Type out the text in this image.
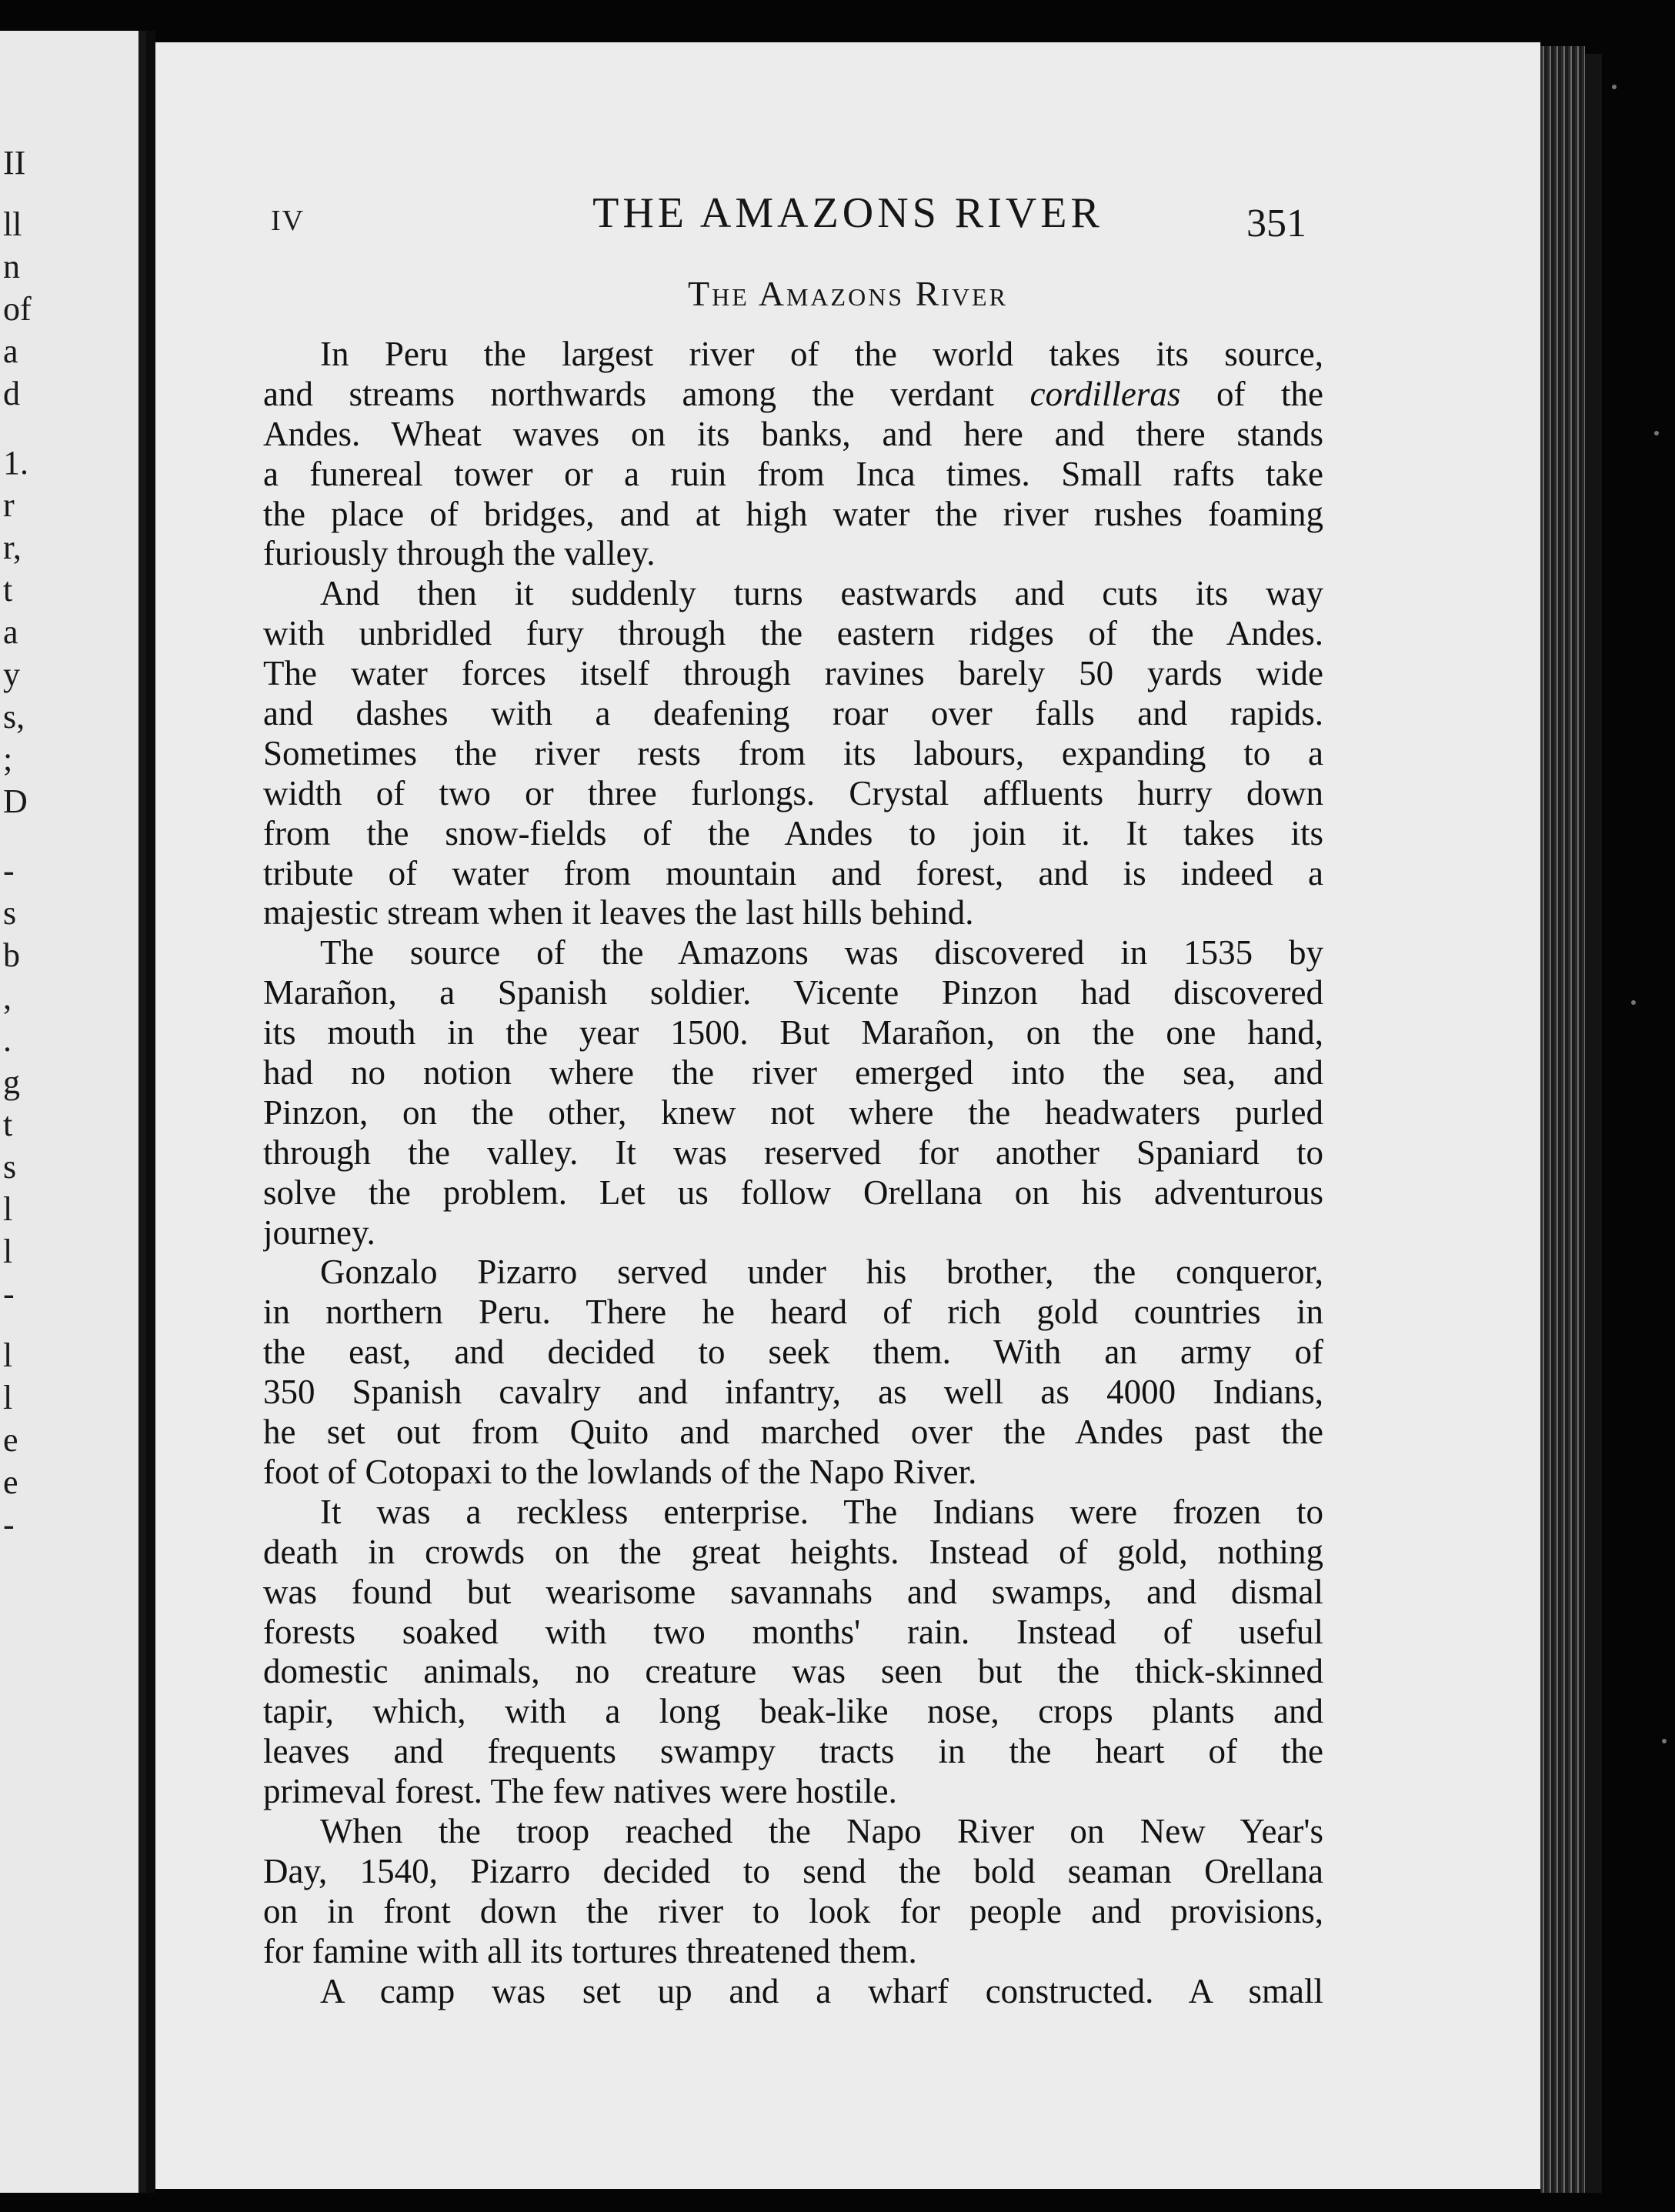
II
ll
n
of
a
d
1.
r
r,
t
a
y
s,
;
D
-
s
b
,
.
g
t
s
l
l
-
l
l
e
e
-
IV	THE AMAZONS RIVER	351
The Amazons River
In Peru the largest river of the world takes its source,
and streams northwards among the verdant cordilleras of the
Andes. Wheat waves on its banks, and here and there stands
a funereal tower or a ruin from Inca times. Small rafts take
the place of bridges, and at high water the river rushes foaming
furiously through the valley.
And then it suddenly turns eastwards and cuts its way
with unbridled fury through the eastern ridges of the Andes.
The water forces itself through ravines barely 50 yards wide
and dashes with a deafening roar over falls and rapids.
Sometimes the river rests from its labours, expanding to a
width of two or three furlongs. Crystal affluents hurry down
from the snow-fields of the Andes to join it. It takes its
tribute of water from mountain and forest, and is indeed a
majestic stream when it leaves the last hills behind.
The source of the Amazons was discovered in 1535 by
Marañon, a Spanish soldier. Vicente Pinzon had discovered
its mouth in the year 1500. But Marañon, on the one hand,
had no notion where the river emerged into the sea, and
Pinzon, on the other, knew not where the headwaters purled
through the valley. It was reserved for another Spaniard to
solve the problem. Let us follow Orellana on his adventurous
journey.
Gonzalo Pizarro served under his brother, the conqueror,
in northern Peru. There he heard of rich gold countries in
the east, and decided to seek them. With an army of
350 Spanish cavalry and infantry, as well as 4000 Indians,
he set out from Quito and marched over the Andes past the
foot of Cotopaxi to the lowlands of the Napo River.
It was a reckless enterprise. The Indians were frozen to
death in crowds on the great heights. Instead of gold, nothing
was found but wearisome savannahs and swamps, and dismal
forests soaked with two months' rain. Instead of useful
domestic animals, no creature was seen but the thick-skinned
tapir, which, with a long beak-like nose, crops plants and
leaves and frequents swampy tracts in the heart of the
primeval forest. The few natives were hostile.
When the troop reached the Napo River on New Year's
Day, 1540, Pizarro decided to send the bold seaman Orellana
on in front down the river to look for people and provisions,
for famine with all its tortures threatened them.
A camp was set up and a wharf constructed. A small
